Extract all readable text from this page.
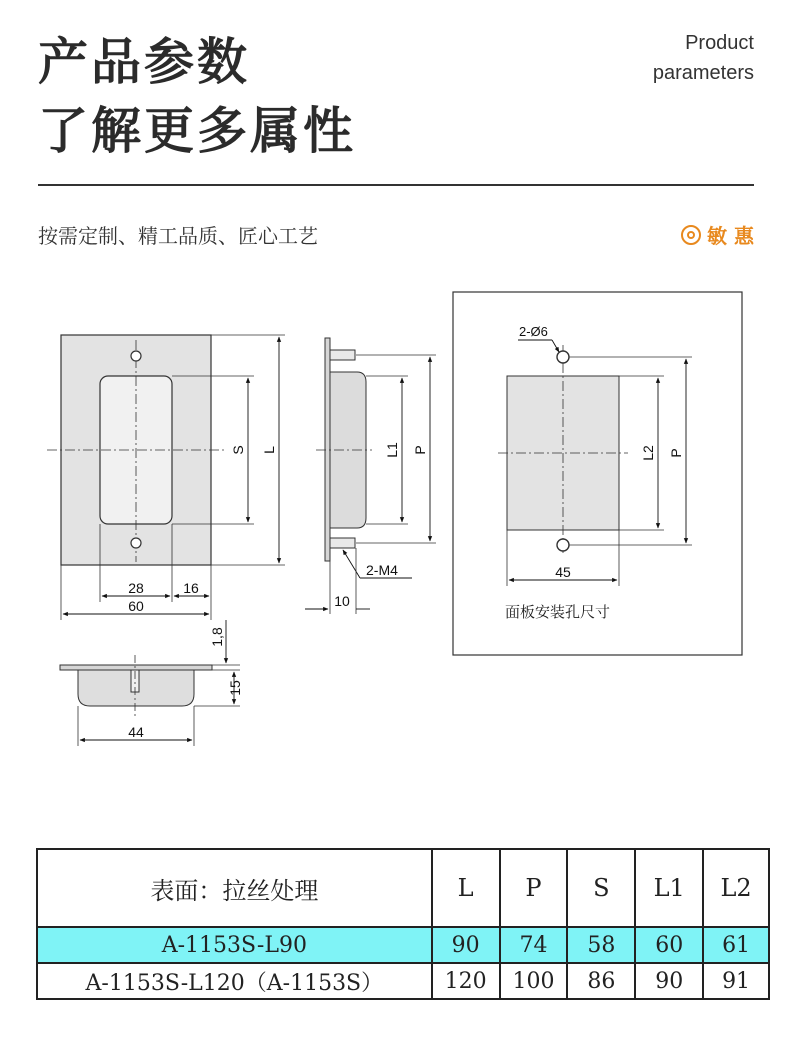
产品参数
了解更多属性
Product
parameters
按需定制、精工品质、匠心工艺	敏 惠
S L
28	16
60
L1 P
2-M4
10
1,8
15
44
2-Ø6
L2 P
45
面板安装孔尺寸
表面：拉丝处理	L	P	S	L1	L2
A-1153S-L90	90	74	58	60	61
A-1153S-L120（A-1153S）	120	100	86	90	91
